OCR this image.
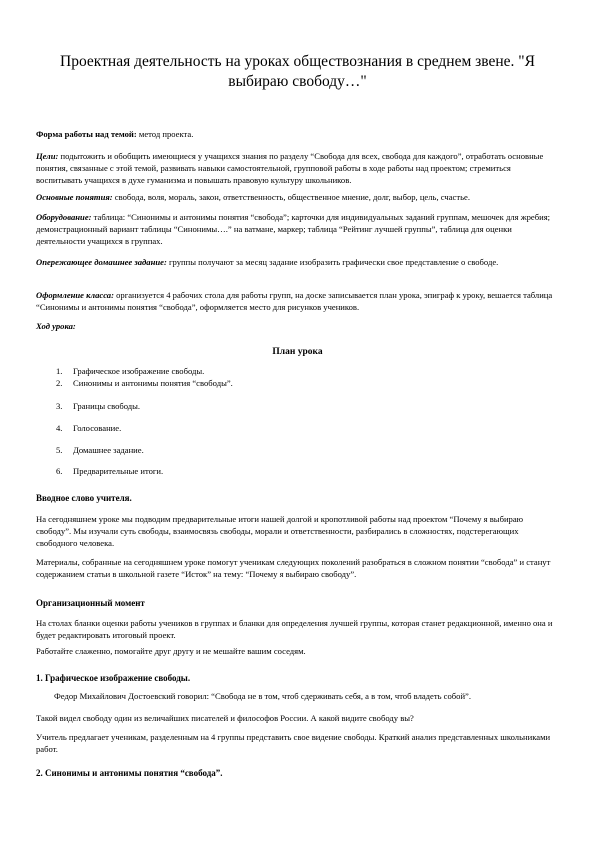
Проектная деятельность на уроках обществознания в среднем звене. "Я выбираю свободу…"
Форма работы над темой: метод проекта.
Цели: подытожить и обобщить имеющиеся у учащихся знания по разделу “Свобода для всех, свобода для каждого”, отработать основные понятия, связанные с этой темой, развивать навыки самостоятельной, групповой работы в ходе работы над проектом; стремиться воспитывать учащихся в духе гуманизма и повышать правовую культуру школьников.
Основные понятия: свобода, воля, мораль, закон, ответственность, общественное мнение, долг, выбор, цель, счастье.
Оборудование: таблица: “Синонимы и антонимы понятия “свобода”; карточки для индивидуальных заданий группам, мешочек для жребия; демонстрационный вариант таблицы “Синонимы….” на ватмане, маркер; таблица “Рейтинг лучшей группы”, таблица для оценки деятельности учащихся в группах.
Опережающее домашнее задание: группы получают за месяц задание изобразить графически свое представление о свободе.
Оформление класса: организуется 4 рабочих стола для работы групп, на доске записывается план урока, эпиграф к уроку, вешается таблица “Синонимы и антонимы понятия “свобода”, оформляется место для рисунков учеников.
Ход урока:
План урока
1. Графическое изображение свободы.
2. Синонимы и антонимы понятия “свободы”.
3. Границы свободы.
4. Голосование.
5. Домашнее задание.
6. Предварительные итоги.
Вводное слово учителя.
На сегодняшнем уроке мы подводим предварительные итоги нашей долгой и кропотливой работы над проектом “Почему я выбираю свободу”. Мы изучали суть свободы, взаимосвязь свободы, морали и ответственности, разбирались в сложностях, подстерегающих свободного человека.
Материалы, собранные на сегодняшнем уроке помогут ученикам следующих поколений разобраться в сложном понятии “свобода” и станут содержанием статьи в школьной газете “Исток” на тему: “Почему я выбираю свободу”.
Организационный момент
На столах бланки оценки работы учеников в группах и бланки для определения лучшей группы, которая станет редакционной, именно она и будет редактировать итоговый проект.
Работайте слаженно, помогайте друг другу и не мешайте вашим соседям.
1. Графическое изображение свободы.
Федор Михайлович Достоевский говорил: “Свобода не в том, чтоб сдерживать себя, а в том, чтоб владеть собой”.
Такой видел свободу один из величайших писателей и философов России. А какой видите свободу вы?
Учитель предлагает ученикам, разделенным на 4 группы представить свое видение свободы. Краткий анализ представленных школьниками работ.
2. Синонимы и антонимы понятия “свобода”.
